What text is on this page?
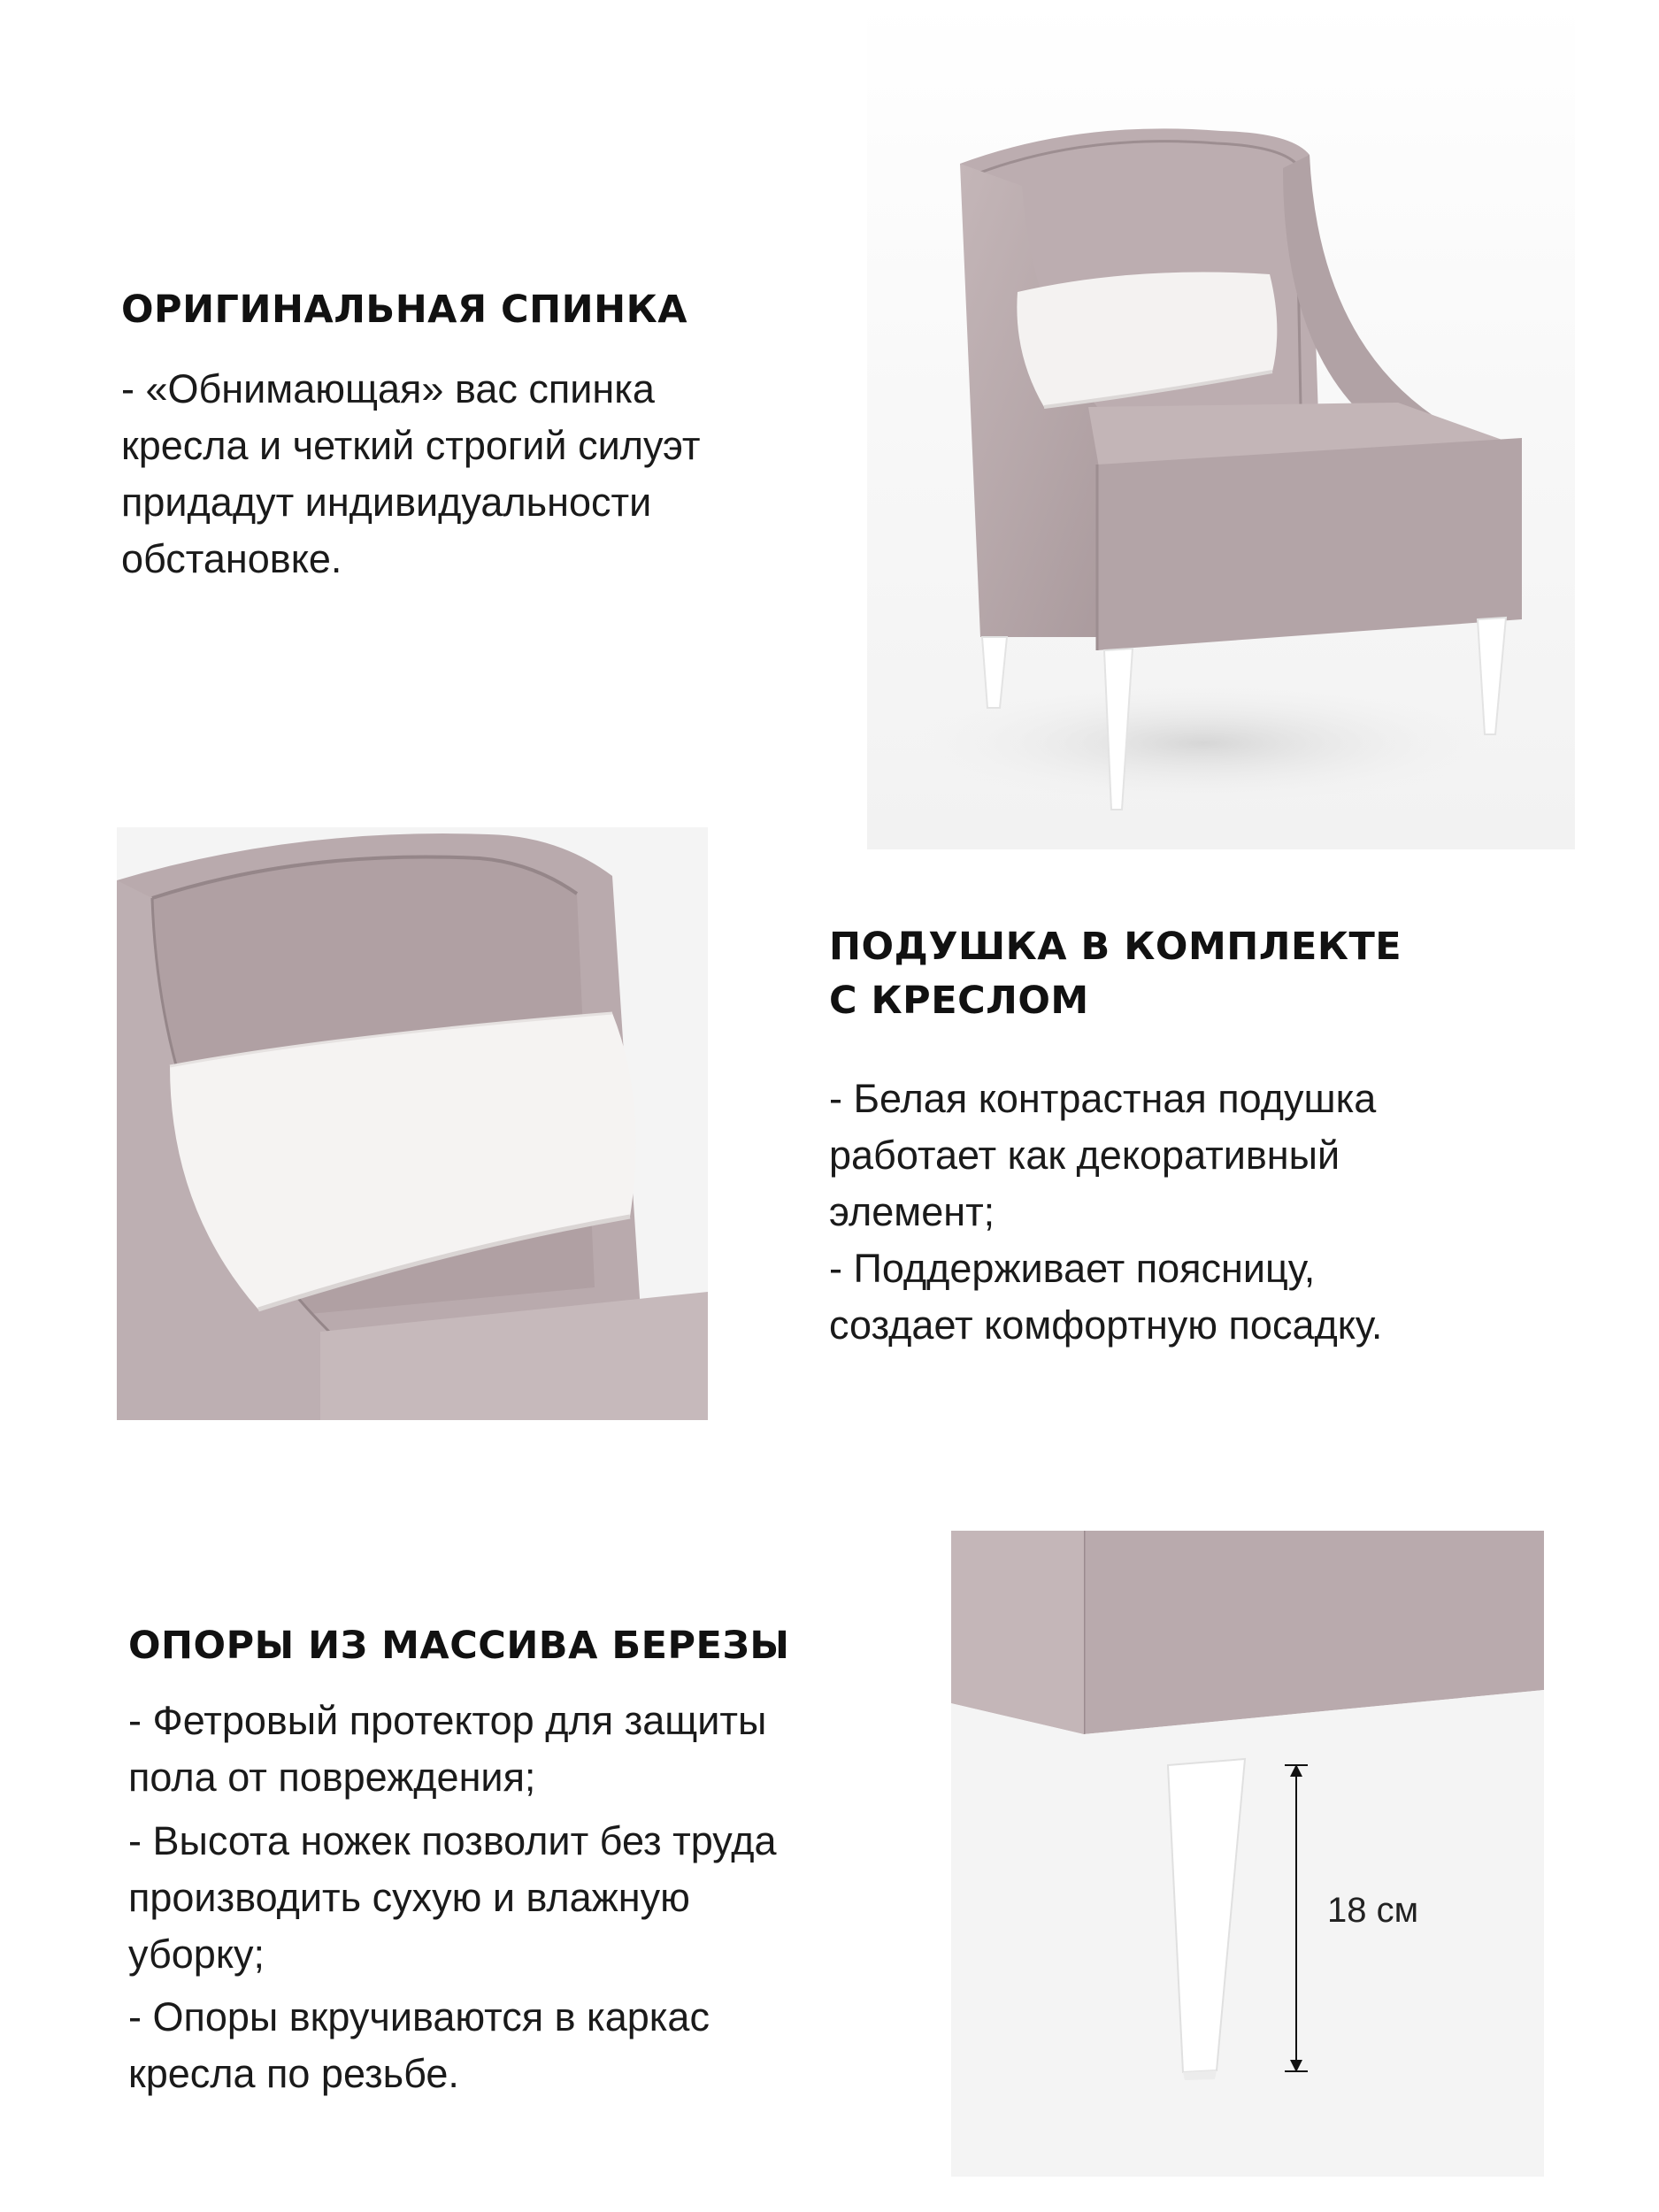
ОРИГИНАЛЬНАЯ СПИНКА

- «Обнимающая» вас спинка

кресла и четкий строгий силуэт

придадут индивидуальности

обстановке.

ПОДУШКА В КОМПЛЕКТЕ
С КРЕСЛОМ

- Белая контрастная подушка

работает как декоративный

элемент;

- Поддерживает поясницу,

создает комфортную посадку.

ОПОРЫ ИЗ МАССИВА БЕРЕЗЫ

- Фетровый протектор для защиты

пола от повреждения;

- Высота ножек позволит без труда

производить сухую и влажную

уборку;

- Опоры вкручиваются в каркас

кресла по резьбе.

18 см
